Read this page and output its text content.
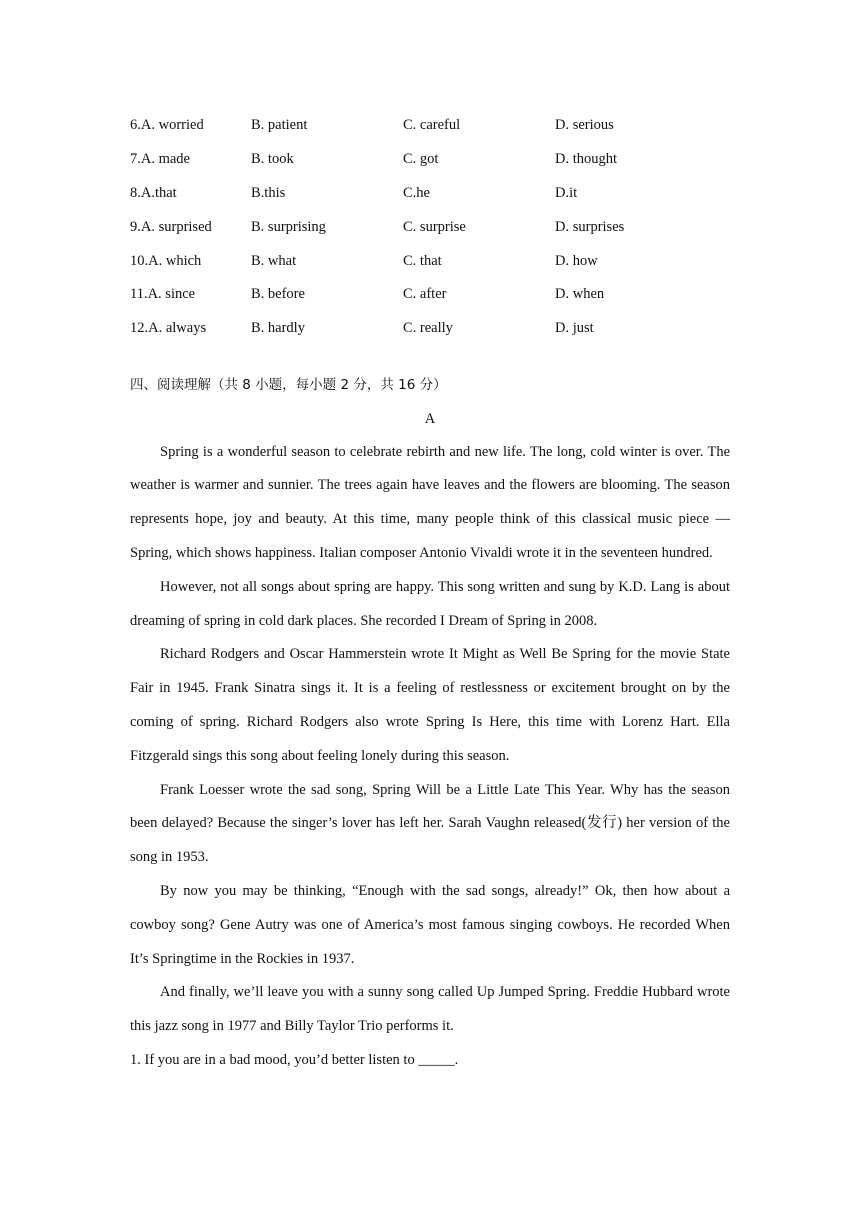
6.A. worried	B. patient	C. careful	D. serious
7.A. made	B. took	C. got	D. thought
8.A.that	B.this	C.he	D.it
9.A. surprised	B. surprising	C. surprise	D. surprises
10.A. which	B. what	C. that	D. how
11.A. since	B. before	C. after	D. when
12.A. always	B. hardly	C. really	D. just
四、阅读理解（共 8 小题，每小题 2 分，共 16 分）
A

Spring is a wonderful season to celebrate rebirth and new life. The long, cold winter is over. The weather is warmer and sunnier. The trees again have leaves and the flowers are blooming. The season represents hope, joy and beauty. At this time, many people think of this classical music piece — Spring, which shows happiness. Italian composer Antonio Vivaldi wrote it in the seventeen hundred.

However, not all songs about spring are happy. This song written and sung by K.D. Lang is about dreaming of spring in cold dark places. She recorded I Dream of Spring in 2008.

Richard Rodgers and Oscar Hammerstein wrote It Might as Well Be Spring for the movie State Fair in 1945. Frank Sinatra sings it. It is a feeling of restlessness or excitement brought on by the coming of spring. Richard Rodgers also wrote Spring Is Here, this time with Lorenz Hart. Ella Fitzgerald sings this song about feeling lonely during this season.

Frank Loesser wrote the sad song, Spring Will be a Little Late This Year. Why has the season been delayed? Because the singer’s lover has left her. Sarah Vaughn released(发行) her version of the song in 1953.

By now you may be thinking, “Enough with the sad songs, already!” Ok, then how about a cowboy song? Gene Autry was one of America’s most famous singing cowboys. He recorded When It’s Springtime in the Rockies in 1937.

And finally, we’ll leave you with a sunny song called Up Jumped Spring. Freddie Hubbard wrote this jazz song in 1977 and Billy Taylor Trio performs it.

1. If you are in a bad mood, you’d better listen to _____.
